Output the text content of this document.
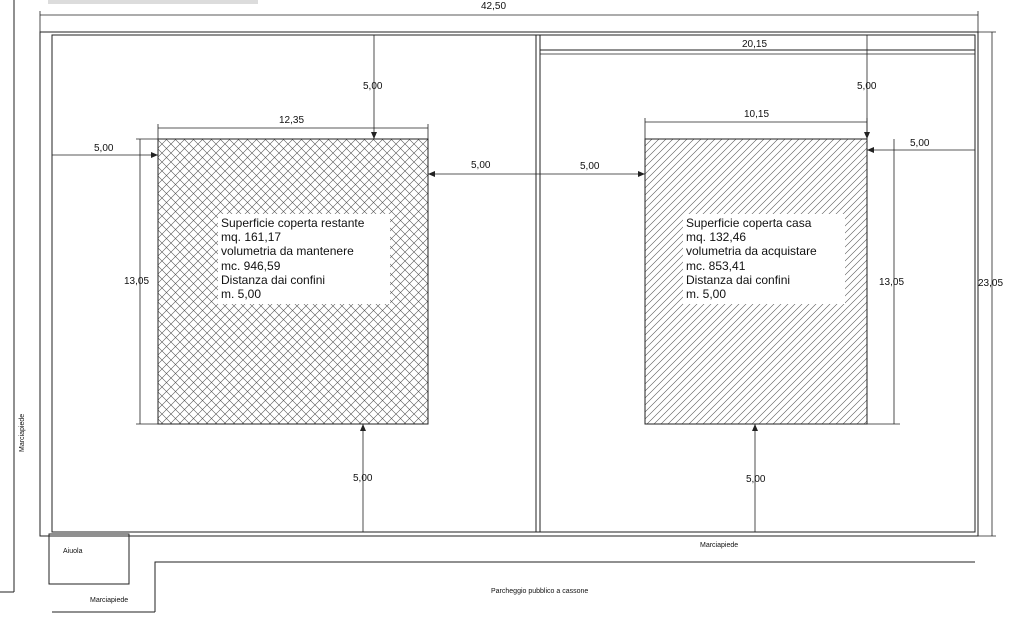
42,50
20,15
23,05
12,35
13,05
10,15
13,05
5,00
5,00
5,00	5,00
5,00
5,00
5,00	5,00
Superficie coperta restante
mq. 161,17
volumetria da mantenere
mc. 946,59
Distanza dai confini
m. 5,00
Superficie coperta casa
mq. 132,46
volumetria da acquistare
mc. 853,41
Distanza dai confini
m. 5,00
Marciapiede
Aiuola
Marciapiede
Marciapiede
Parcheggio pubblico a cassone
